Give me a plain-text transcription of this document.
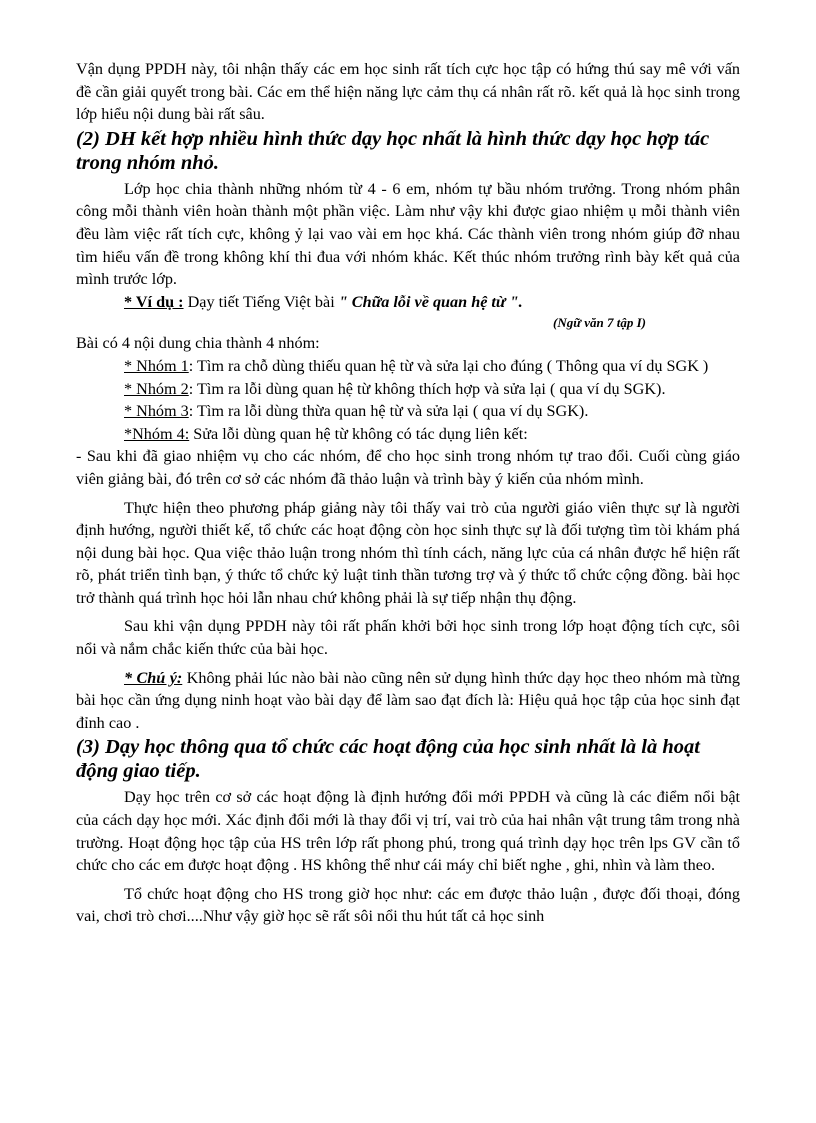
Vận dụng PPDH này, tôi nhận thấy các em học sinh rất tích cực học tập có hứng thú say mê với vấn đề cần giải quyết trong bài. Các em thể hiện năng lực cảm thụ cá nhân rất rõ. kết quả là học sinh trong lớp hiểu nội dung bài rất sâu.

(2) DH kết hợp nhiều hình thức dạy học nhất là hình thức dạy học hợp tác trong nhóm nhỏ.

Lớp học chia thành những nhóm từ 4 - 6 em, nhóm tự bầu nhóm trưởng. Trong nhóm phân công mỗi thành viên hoàn thành một phần việc. Làm như vậy khi được giao nhiệm ụ mỗi thành viên đều làm việc rất tích cực, không ỷ lại vao vài em học khá. Các thành viên trong nhóm giúp đỡ nhau tìm hiểu vấn đề trong không khí thi đua với nhóm khác. Kết thúc nhóm trưởng rình bày kết quả của mình trước lớp.

* Ví dụ : Dạy tiết Tiếng Việt bài " Chữa lỗi về quan hệ từ ".

(Ngữ văn 7 tập I)

Bài có 4 nội dung chia thành 4 nhóm:

* Nhóm 1: Tìm ra chỗ dùng thiếu quan hệ từ và sửa lại cho đúng ( Thông qua ví dụ SGK )

* Nhóm 2: Tìm ra lỗi dùng quan hệ từ không thích hợp và sửa lại ( qua ví dụ SGK).

* Nhóm 3: Tìm ra lỗi dùng thừa quan hệ từ và sửa lại ( qua ví dụ SGK).

*Nhóm 4: Sửa lỗi dùng quan hệ từ không có tác dụng liên kết:

- Sau khi đã giao nhiệm vụ cho các nhóm, để cho học sinh trong nhóm tự trao đổi. Cuối cùng giáo viên giảng bài, đó trên cơ sở các nhóm đã thảo luận và trình bày ý kiến của nhóm mình.

Thực hiện theo phương pháp giảng này tôi thấy vai trò của người giáo viên thực sự là người định hướng, người thiết kế, tổ chức các hoạt động còn học sinh thực sự là đối tượng tìm tòi khám phá nội dung bài học. Qua việc thảo luận trong nhóm thì tính cách, năng lực của cá nhân được hể hiện rất rõ, phát triển tình bạn, ý thức tổ chức kỷ luật tinh thần tương trợ và ý thức tổ chức cộng đồng. bài học trở thành quá trình học hỏi lẫn nhau chứ không phải là sự tiếp nhận thụ động.

Sau khi vận dụng PPDH này tôi rất phấn khởi bởi học sinh trong lớp hoạt động tích cực, sôi nổi và nắm chắc kiến thức của bài học.

* Chú ý: Không phải lúc nào bài nào cũng nên sử dụng hình thức dạy học theo nhóm mà từng bài học cần ứng dụng ninh hoạt vào bài dạy để làm sao đạt đích là: Hiệu quả học tập của học sinh đạt đỉnh cao .

(3) Dạy học thông qua tổ chức các hoạt động của học sinh nhất là là hoạt động giao tiếp.

Dạy học trên cơ sở các hoạt động là định hướng đổi mới PPDH và cũng là các điểm nổi bật của cách dạy học mới. Xác định đổi mới là thay đổi vị trí, vai trò của hai nhân vật trung tâm trong nhà trường. Hoạt động học tập của HS trên lớp rất phong phú, trong quá trình dạy học trên lps GV cần tổ chức cho các em được hoạt động . HS không thể như cái máy chỉ biết nghe , ghi, nhìn và làm theo.

Tổ chức hoạt động cho HS trong giờ học như: các em được thảo luận , được đối thoại, đóng vai, chơi trò chơi....Như vậy giờ học sẽ rất sôi nổi thu hút tất cả học sinh
